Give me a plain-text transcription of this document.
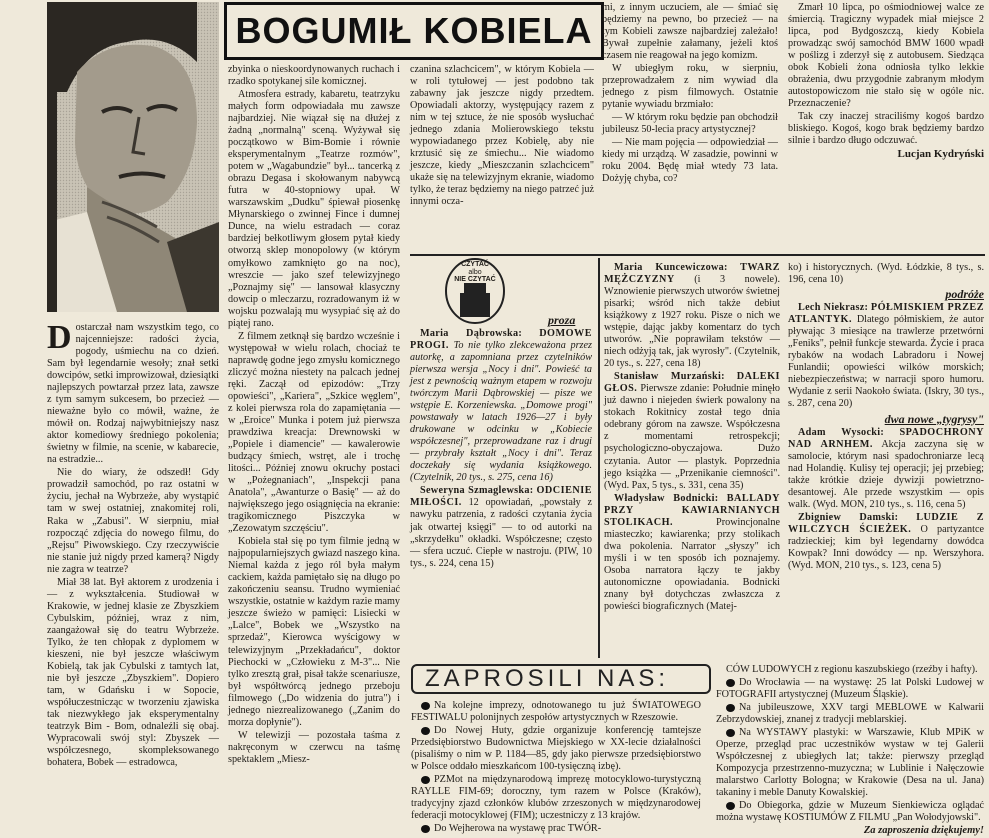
BOGUMIŁ KOBIELA

Dostarczał nam wszystkim tego, co najcenniejsze: radości życia, pogody, uśmiechu na co dzień. Sam był legendarnie wesoły; znał setki dowcipów, setki improwizował, dziesiątki najlepszych powtarzał przez lata, zawsze z tym samym sukcesem, bo przecież — nieważne było co mówił, ważne, że mówił on. Rodzaj najwybitniejszy nasz aktor komediowy średniego pokolenia; świetny w filmie, na scenie, w kabarecie, na estradzie...

Nie do wiary, że odszedł! Gdy prowadził samochód, po raz ostatni w życiu, jechał na Wybrzeże, aby wystąpić tam w swej ostatniej, znakomitej roli, Raka w „Zabusi". W sierpniu, miał rozpocząć zdjęcia do nowego filmu, do „Rejsu" Piwowskiego. Czy rzeczywiście nie stanie już nigdy przed kamerą? Nigdy nie zagra w teatrze?

Miał 38 lat. Był aktorem z urodzenia i — z wykształcenia. Studiował w Krakowie, w jednej klasie ze Zbyszkiem Cybulskim, później, wraz z nim, zaangażował się do teatru Wybrzeże. Tylko, że ten chłopak z dyplomem w kieszeni, nie był jeszcze właściwym Kobielą, tak jak Cybulski z tamtych lat, nie był jeszcze „Zbyszkiem". Dopiero tam, w Gdańsku i w Sopocie, współuczestnicząc w tworzeniu zjawiska tak niezwykłego jak eksperymentalny teatrzyk Bim - Bom, odnaleźli się obaj. Wypracowali swój styl: Zbyszek — współczesnego, skompleksowanego bohatera, Bobek — estradowca,

zbyinka o nieskoordynowanych ruchach i rzadko spotykanej sile komicznej.

Atmosfera estrady, kabaretu, teatrzyku małych form odpowiadała mu zawsze najbardziej. Nie wiązał się na dłużej z żadną „normalną" sceną. Wyżywał się początkowo w Bim-Bomie i równie eksperymentalnym „Teatrze rozmów", potem w „Wagabundzie" był... tancerką z obrazu Degasa i skołowanym nabywcą futra w 40-stopniowy upał. W warszawskim „Dudku" śpiewał piosenkę Młynarskiego o zwinnej Fince i dumnej Dunce, na wielu estradach — coraz bardziej bełkotliwym głosem pytał kiedy otworzą sklep monopolowy (w którym omyłkowo zamknięto go na noc), wreszcie — jako szef telewizyjnego „Poznajmy się" — lansował klasyczny dowcip o mleczarzu, rozradowanym iż w wojsku pozwalają mu wysypiać się aż do piątej rano.

Z filmem zetknął się bardzo wcześnie i występował w wielu rolach, chociaż te naprawdę godne jego zmysłu komicznego zliczyć można niestety na palcach jednej ręki. Zaczął od epizodów: „Trzy opowieści", „Kariera", „Szkice węglem", z kolei pierwsza rola do zapamiętania — w „Eroice" Munka i potem już pierwsza prawdziwa kreacja: Drewnowski w „Popiele i diamencie" — kawalerowie budzący śmiech, wstręt, ale i trochę litości... Później znowu okruchy postaci w „Pożegnaniach", „Inspekcji pana Anatola", „Awanturze o Basię" — aż do największego jego osiągnięcia na ekranie: tragikomicznego Piszczyka w „Zezowatym szczęściu".

Kobiela stał się po tym filmie jedną w najpopularniejszych gwiazd naszego kina. Niemal każda z jego ról była małym cackiem, każda pamiętało się na długo po zakończeniu seansu. Trudno wymieniać wszystkie, ostatnie w każdym razie mamy jeszcze świeżo w pamięci: Lisiecki w „Lalce", Bobek we „Wszystko na sprzedaż", Kierowca wyścigowy w telewizyjnym „Przekładańcu", doktor Piechocki w „Człowieku z M-3"... Nie tylko zresztą grał, pisał także scenariusze, był współtwórcą jednego przeboju filmowego („Do widzenia do jutra") i jednego niezrealizowanego („Zanim do morza dopłynie").

W telewizji — pozostała taśma z nakręconym w czerwcu na taśmę spektaklem „Miesz-

czanina szlachcicem", w którym Kobiela — w roli tytułowej — jest podobno tak zabawny jak jeszcze nigdy przedtem. Opowiadali aktorzy, występujący razem z nim w tej sztuce, że nie sposób wysłuchać jednego zdania Molierowskiego tekstu wypowiadanego przez Kobielę, aby nie krztusić się ze śmiechu... Nie wiadomo jeszcze, kiedy „Mieszczanin szlachcicem" ukaże się na telewizyjnym ekranie, wiadomo tylko, że teraz będziemy na niego patrzeć już innymi ocza-

mi, z innym uczuciem, ale — śmiać się będziemy na pewno, bo przecież — na tym Kobieli zawsze najbardziej zależało! Bywał zupełnie załamany, jeżeli ktoś czasem nie reagował na jego komizm.

W ubiegłym roku, w sierpniu, przeprowadzałem z nim wywiad dla jednego z pism filmowych. Ostatnie pytanie wywiadu brzmiało:

— W którym roku będzie pan obchodził jubileusz 50-lecia pracy artystycznej?

— Nie mam pojęcia — odpowiedział — kiedy mi urządzą. W zasadzie, powinni w roku 2004. Będę miał wtedy 73 lata. Dożyję chyba, co?

Zmarł 10 lipca, po ośmiodniowej walce ze śmiercią. Tragiczny wypadek miał miejsce 2 lipca, pod Bydgoszczą, kiedy Kobiela prowadząc swój samochód BMW 1600 wpadł w poślizg i zderzył się z autobusem. Siedząca obok Kobieli żona odniosła tylko lekkie obrażenia, dwu przygodnie zabranym młodym autostopowiczom nie stało się w ogóle nic. Przeznaczenie?

Tak czy inaczej straciliśmy kogoś bardzo bliskiego. Kogoś, kogo brak będziemy bardzo silnie i bardzo długo odczuwać.

Lucjan Kydryński

CZYTAĆ
albo
NIE CZYTAĆ
proza

Maria Dąbrowska: DOMOWE PROGI. To nie tylko zlekceważona przez autorkę, a zapomniana przez czytelników pierwsza wersja „Nocy i dni". Powieść ta jest z pewnością ważnym etapem w rozwoju twórczym Marii Dąbrowskiej — pisze we wstępie E. Korzeniewska. „Domowe progi" powstawały w latach 1926—27 i były drukowane w odcinku w „Kobiecie współczesnej", przeprowadzane raz i drugi — przybrały kształt „Nocy i dni". Teraz doczekały się wydania książkowego. (Czytelnik, 20 tys., s. 275, cena 16)

Seweryna Szmaglewska: ODCIENIE MIŁOŚCI. 12 opowiadań, „powstały z nawyku patrzenia, z radości czytania życia jak otwartej księgi" — to od autorki na „skrzydełku" okładki. Współczesne; często — sfera uczuć. Ciepłe w nastroju. (PIW, 10 tys., s. 224, cena 15)

Maria Kuncewiczowa: TWARZ MĘŻCZYZNY (i 3 nowele). Wznowienie pierwszych utworów świetnej pisarki; wśród nich także debiut książkowy z 1927 roku. Pisze o nich we wstępie, dając jakby komentarz do tych utworów. „Nie poprawiłam tekstów — niech odżyją tak, jak wyrosły". (Czytelnik, 20 tys., s. 227, cena 18)

Stanisław Murzański: DALEKI GŁOS. Pierwsze zdanie: Południe minęło już dawno i niejeden świerk powalony na stokach Rokitnicy został tego dnia odebrany górom na zawsze. Współczesna z momentami retrospekcji; psychologiczno-obyczajowa. Dużo czytania. Autor — plastyk. Poprzednia jego książka — „Przenikanie ciemności". (Wyd. Pax, 5 tys., s. 331, cena 35)

Władysław Bodnicki: BALLADY PRZY KAWIARNIANYCH STOLIKACH.	Prowincjonalne miasteczko; kawiarenka; przy stolikach dwa pokolenia. Narrator „słyszy" ich myśli i w ten sposób ich poznajemy. Osoba narratora łączy te jakby autonomiczne opowiadania. Bodnicki znany był dotychczas zwłaszcza z powieści biograficznych (Matej-

ko) i historycznych. (Wyd. Łódzkie, 8 tys., s. 196, cena 10)

podróże

Lech Niekrasz: PÓŁMISKIEM PRZEZ ATLANTYK. Dlatego półmiskiem, że autor pływając 3 miesiące na trawlerze przetwórni „Feniks", pełnił funkcje stewarda. Życie i praca rybaków na wodach Labradoru i Nowej Funlandii; opowieści wilków morskich; niebezpieczeństwa; w narracji sporo humoru. Wydanie z serii Naokoło świata. (Iskry, 30 tys., s. 287, cena 20)

dwa nowe „tygrysy"

Adam Wysocki: SPADOCHRONY NAD ARNHEM. Akcja zaczyna się w samolocie, którym nasi spadochroniarze lecą nad Holandię. Kulisy tej operacji; jej przebieg; także krótkie dzieje dywizji powietrzno-desantowej. Ale przede wszystkim — opis walk. (Wyd. MON, 210 tys., s. 116, cena 5)

Zbigniew Damski: LUDZIE Z WILCZYCH ŚCIEŻEK. O partyzantce radzieckiej; kim był legendarny dowódca Kowpak? Inni dowódcy — np. Werszyhora. (Wyd. MON, 210 tys., s. 123, cena 5)

ZAPROSILI NAS:

Na kolejne imprezy, odnotowanego tu już ŚWIATOWEGO FESTIWALU polonijnych zespołów artystycznych w Rzeszowie.

Do Nowej Huty, gdzie organizuje konferencję tamtejsze Przedsiębiorstwo Budownictwa Miejskiego w XX-lecie działalności (pisaliśmy o nim w P. 1184—85, gdy jako pierwsze przedsiębiorstwo w Polsce oddało mieszkańcom 100-tysięczną izbę).

PZMot na międzynarodową imprezę motocyklowo-turystyczną RAYLLE FIM-69; doroczny, tym razem w Polsce (Kraków), tradycyjny zjazd członków klubów zrzeszonych w międzynarodowej federacji motocyklowej (FIM); uczestniczy z 13 krajów.

Do Wejherowa na wystawę prac TWÓR-

CÓW LUDOWYCH z regionu kaszubskiego (rzeźby i hafty).

Do Wrocławia — na wystawę: 25 lat Polski Ludowej w FOTOGRAFII artystycznej (Muzeum Śląskie).

Na jubileuszowe, XXV targi MEBLOWE w Kalwarii Zebrzydowskiej, znanej z tradycji meblarskiej.

Na WYSTAWY plastyki: w Warszawie, Klub MPiK w Operze, przegląd prac uczestników wystaw w tej Galerii Współczesnej z ubiegłych lat; także: pierwszy przegląd Kompozycja przestrzenno-muzyczna; w Lublinie i Nałęczowie malarstwo Carlotty Bologna; w Krakowie (Desa na ul. Jana) takaniny i meble Danuty Kowalskiej.

Do Obiegorka, gdzie w Muzeum Sienkiewicza oglądać można wystawę KOSTIUMÓW Z FILMU „Pan Wołodyjowski".

Za zaproszenia dziękujemy!
